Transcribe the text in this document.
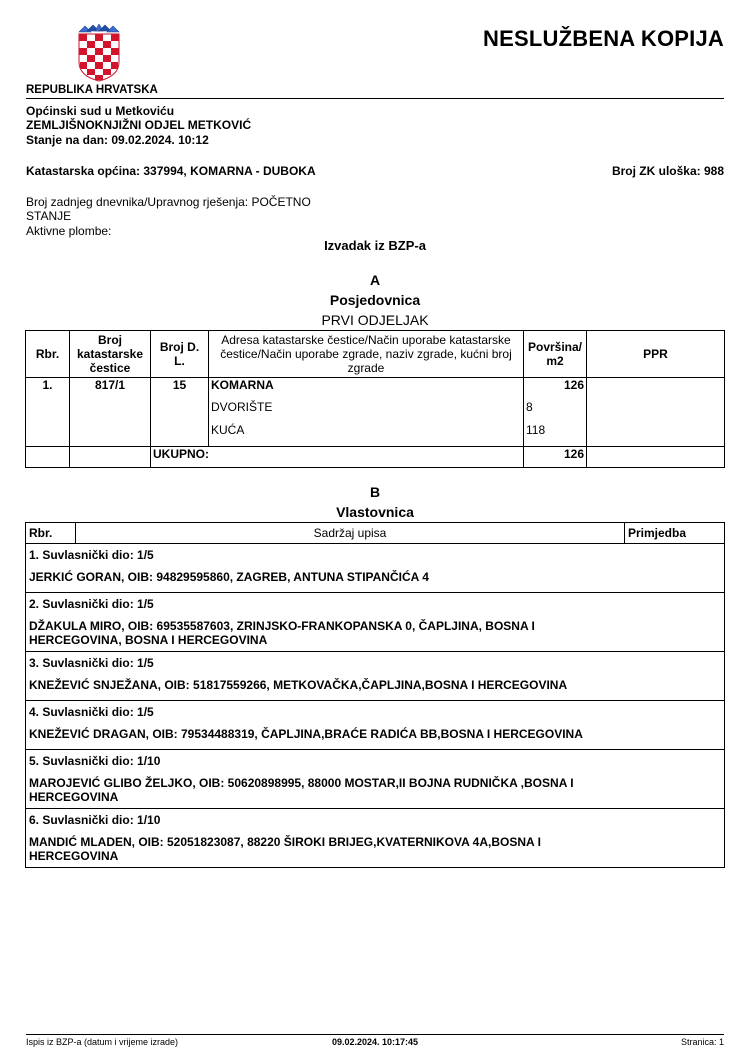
NESLUŽBENA KOPIJA
REPUBLIKA HRVATSKA
Općinski sud u Metkoviću
ZEMLJIŠNOKNJIŽNI ODJEL METKOVIĆ
Stanje na dan: 09.02.2024. 10:12
Katastarska općina: 337994, KOMARNA - DUBOKA	Broj ZK uloška: 988
Broj zadnjeg dnevnika/Upravnog rješenja: POČETNO
STANJE
Aktivne plombe:
Izvadak iz BZP-a
A
Posjedovnica
PRVI ODJELJAK
Rbr.	Broj katastarske čestice	Broj D. L.	Adresa katastarske čestice/Način uporabe katastarske čestice/Način uporabe zgrade, naziv zgrade, kućni broj zgrade	Površina/ m2	PPR
1.	817/1	15	KOMARNA	126	
			DVORIŠTE	8	
			KUĆA	118	
		UKUPNO:		126	
B
Vlastovnica
Rbr.	Sadržaj upisa	Primjedba
1. Suvlasnički dio: 1/5
JERKIĆ GORAN, OIB: 94829595860, ZAGREB, ANTUNA STIPANČIĆA 4
2. Suvlasnički dio: 1/5
DŽAKULA MIRO, OIB: 69535587603, ZRINJSKO-FRANKOPANSKA 0, ČAPLJINA, BOSNA I HERCEGOVINA, BOSNA I HERCEGOVINA
3. Suvlasnički dio: 1/5
KNEŽEVIĆ SNJEŽANA, OIB: 51817559266, METKOVAČKA,ČAPLJINA,BOSNA I HERCEGOVINA
4. Suvlasnički dio: 1/5
KNEŽEVIĆ DRAGAN, OIB: 79534488319, ČAPLJINA,BRAĆE RADIĆA BB,BOSNA I HERCEGOVINA
5. Suvlasnički dio: 1/10
MAROJEVIĆ GLIBO ŽELJKO, OIB: 50620898995, 88000 MOSTAR,II BOJNA RUDNIČKA ,BOSNA I HERCEGOVINA
6. Suvlasnički dio: 1/10
MANDIĆ MLADEN, OIB: 52051823087, 88220 ŠIROKI BRIJEG,KVATERNIKOVA 4A,BOSNA I HERCEGOVINA
Ispis iz BZP-a (datum i vrijeme izrade)	09.02.2024. 10:17:45	Stranica: 1
